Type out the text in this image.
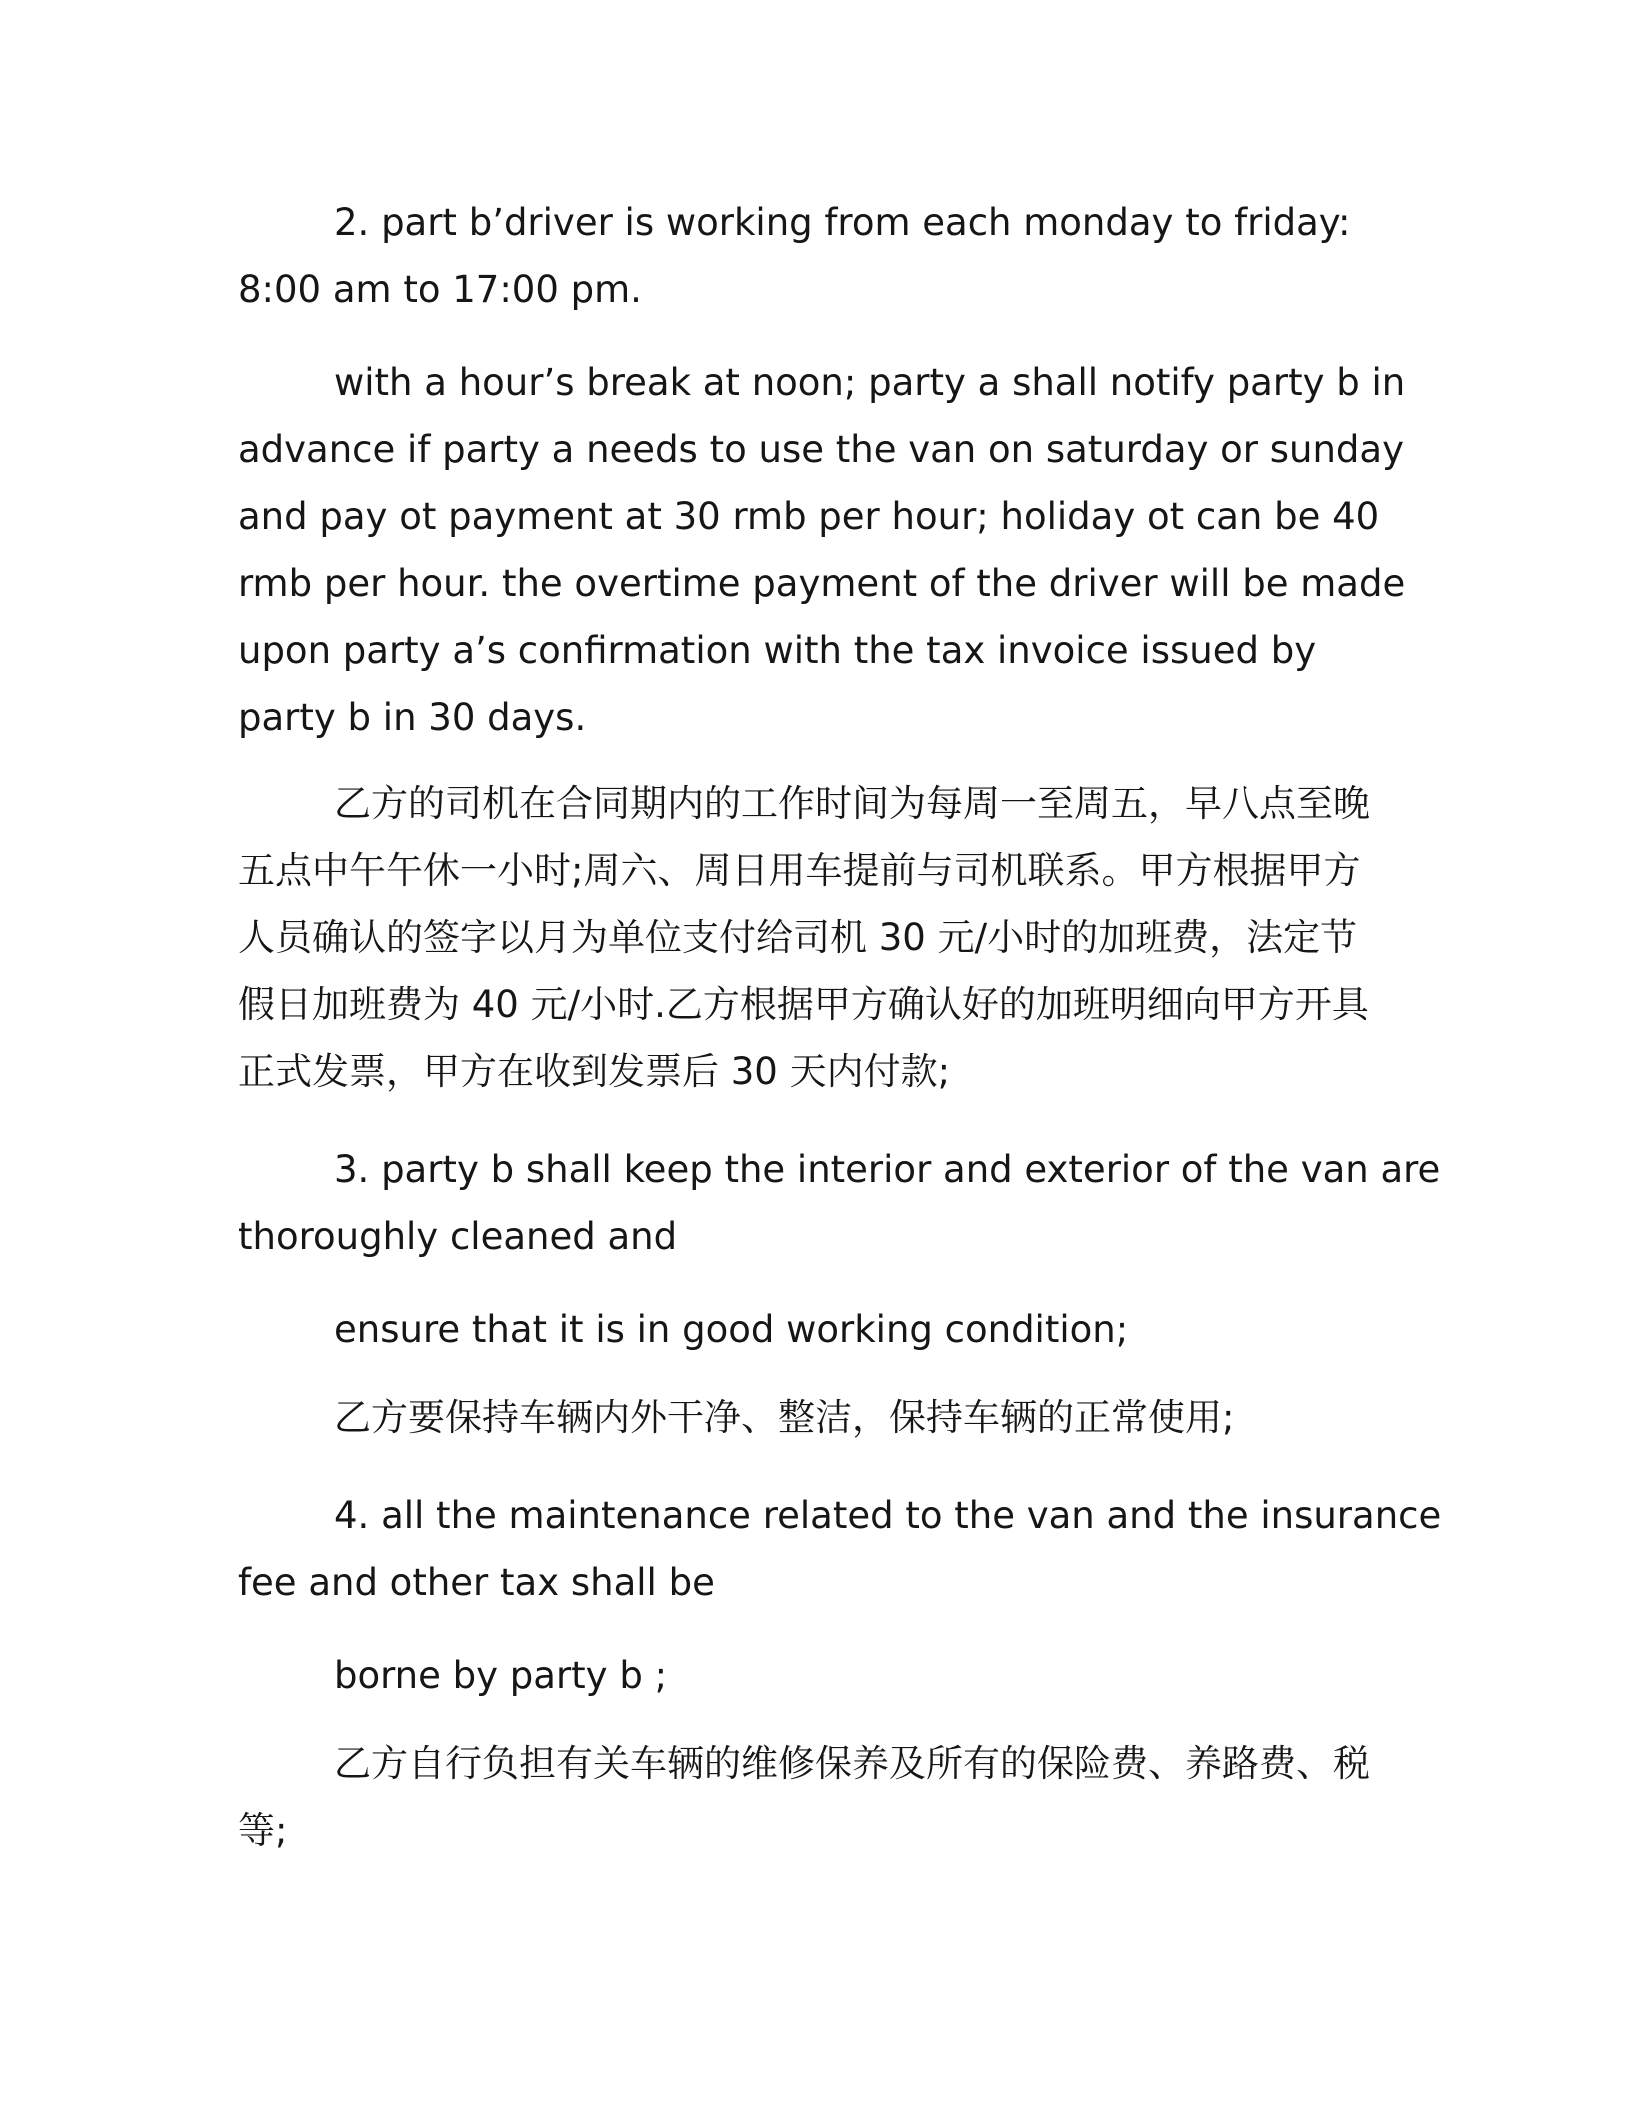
2. part b’driver is working from each monday to friday:
8:00 am to 17:00 pm.

with a hour’s break at noon; party a shall notify party b in
advance if party a needs to use the van on saturday or sunday
and pay ot payment at 30 rmb per hour; holiday ot can be 40
rmb per hour. the overtime payment of the driver will be made
upon party a’s confirmation with the tax invoice issued by
party b in 30 days.

乙方的司机在合同期内的工作时间为每周一至周五，早八点至晚
五点中午午休一小时;周六、周日用车提前与司机联系。甲方根据甲方
人员确认的签字以月为单位支付给司机 30 元/小时的加班费，法定节
假日加班费为 40 元/小时.乙方根据甲方确认好的加班明细向甲方开具
正式发票，甲方在收到发票后 30 天内付款;

3. party b shall keep the interior and exterior of the van are
thoroughly cleaned and

ensure that it is in good working condition;

乙方要保持车辆内外干净、整洁，保持车辆的正常使用;

4. all the maintenance related to the van and the insurance
fee and other tax shall be

borne by party b ;

乙方自行负担有关车辆的维修保养及所有的保险费、养路费、税
等;
